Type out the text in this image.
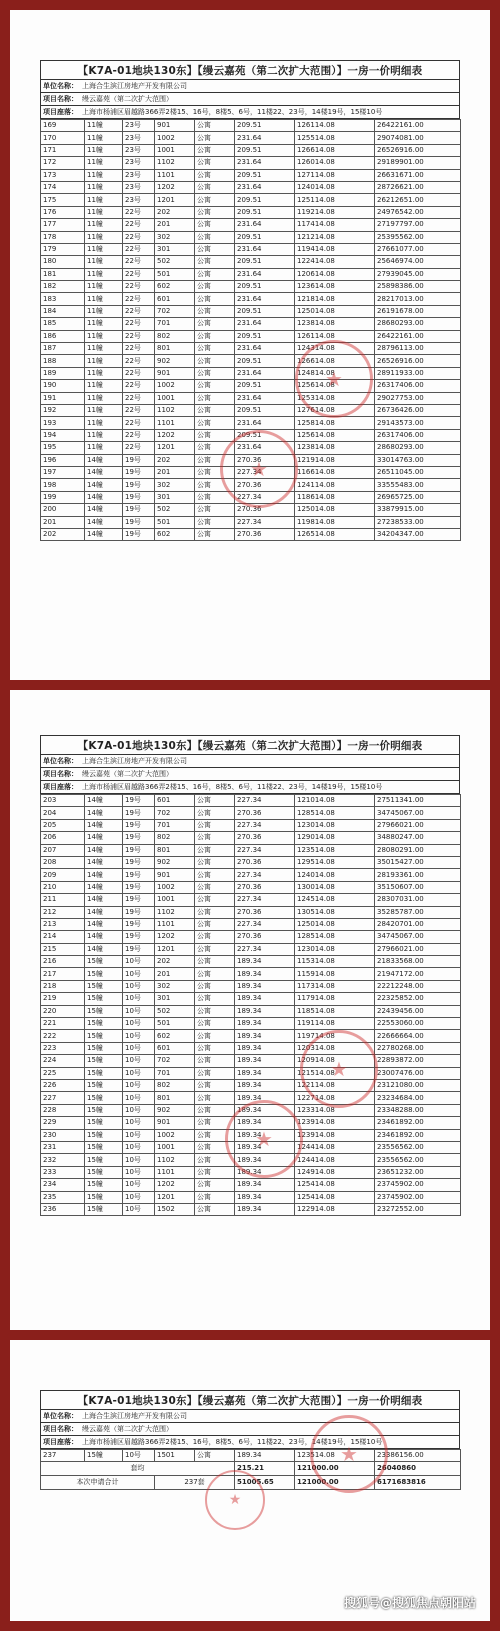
【K7A-01地块130东】【缦云嘉苑（第二次扩大范围）】一房一价明细表
单位名称： 上海合生滨江房地产开发有限公司
项目名称： 缦云嘉苑（第二次扩大范围）
项目座落： 上海市杨浦区眉越路366弄2楼15、16号，8楼5、6号，11楼22、23号，14楼19号，15楼10号
169	11幢	23号	901	公寓	209.51	126114.08	26422161.00
170	11幢	23号	1002	公寓	231.64	125514.08	29074081.00
171	11幢	23号	1001	公寓	209.51	126614.08	26526916.00
172	11幢	23号	1102	公寓	231.64	126014.08	29189901.00
173	11幢	23号	1101	公寓	209.51	127114.08	26631671.00
174	11幢	23号	1202	公寓	231.64	124014.08	28726621.00
175	11幢	23号	1201	公寓	209.51	125114.08	26212651.00
176	11幢	22号	202	公寓	209.51	119214.08	24976542.00
177	11幢	22号	201	公寓	231.64	117414.08	27197797.00
178	11幢	22号	302	公寓	209.51	121214.08	25395562.00
179	11幢	22号	301	公寓	231.64	119414.08	27661077.00
180	11幢	22号	502	公寓	209.51	122414.08	25646974.00
181	11幢	22号	501	公寓	231.64	120614.08	27939045.00
182	11幢	22号	602	公寓	209.51	123614.08	25898386.00
183	11幢	22号	601	公寓	231.64	121814.08	28217013.00
184	11幢	22号	702	公寓	209.51	125014.08	26191678.00
185	11幢	22号	701	公寓	231.64	123814.08	28680293.00
186	11幢	22号	802	公寓	209.51	126114.08	26422161.00
187	11幢	22号	801	公寓	231.64	124314.08	28796113.00
188	11幢	22号	902	公寓	209.51	126614.08	26526916.00
189	11幢	22号	901	公寓	231.64	124814.08	28911933.00
190	11幢	22号	1002	公寓	209.51	125614.08	26317406.00
191	11幢	22号	1001	公寓	231.64	125314.08	29027753.00
192	11幢	22号	1102	公寓	209.51	127614.08	26736426.00
193	11幢	22号	1101	公寓	231.64	125814.08	29143573.00
194	11幢	22号	1202	公寓	209.51	125614.08	26317406.00
195	11幢	22号	1201	公寓	231.64	123814.08	28680293.00
196	14幢	19号	202	公寓	270.36	121914.08	33014763.00
197	14幢	19号	201	公寓	227.34	116614.08	26511045.00
198	14幢	19号	302	公寓	270.36	124114.08	33555483.00
199	14幢	19号	301	公寓	227.34	118614.08	26965725.00
200	14幢	19号	502	公寓	270.36	125014.08	33879915.00
201	14幢	19号	501	公寓	227.34	119814.08	27238533.00
202	14幢	19号	602	公寓	270.36	126514.08	34204347.00
★
★
【K7A-01地块130东】【缦云嘉苑（第二次扩大范围）】一房一价明细表
单位名称： 上海合生滨江房地产开发有限公司
项目名称： 缦云嘉苑（第二次扩大范围）
项目座落： 上海市杨浦区眉越路366弄2楼15、16号，8楼5、6号，11楼22、23号，14楼19号，15楼10号
203	14幢	19号	601	公寓	227.34	121014.08	27511341.00
204	14幢	19号	702	公寓	270.36	128514.08	34745067.00
205	14幢	19号	701	公寓	227.34	123014.08	27966021.00
206	14幢	19号	802	公寓	270.36	129014.08	34880247.00
207	14幢	19号	801	公寓	227.34	123514.08	28080291.00
208	14幢	19号	902	公寓	270.36	129514.08	35015427.00
209	14幢	19号	901	公寓	227.34	124014.08	28193361.00
210	14幢	19号	1002	公寓	270.36	130014.08	35150607.00
211	14幢	19号	1001	公寓	227.34	124514.08	28307031.00
212	14幢	19号	1102	公寓	270.36	130514.08	35285787.00
213	14幢	19号	1101	公寓	227.34	125014.08	28420701.00
214	14幢	19号	1202	公寓	270.36	128514.08	34745067.00
215	14幢	19号	1201	公寓	227.34	123014.08	27966021.00
216	15幢	10号	202	公寓	189.34	115314.08	21833568.00
217	15幢	10号	201	公寓	189.34	115914.08	21947172.00
218	15幢	10号	302	公寓	189.34	117314.08	22212248.00
219	15幢	10号	301	公寓	189.34	117914.08	22325852.00
220	15幢	10号	502	公寓	189.34	118514.08	22439456.00
221	15幢	10号	501	公寓	189.34	119114.08	22553060.00
222	15幢	10号	602	公寓	189.34	119714.08	22666664.00
223	15幢	10号	601	公寓	189.34	120314.08	22780268.00
224	15幢	10号	702	公寓	189.34	120914.08	22893872.00
225	15幢	10号	701	公寓	189.34	121514.08	23007476.00
226	15幢	10号	802	公寓	189.34	122114.08	23121080.00
227	15幢	10号	801	公寓	189.34	122714.08	23234684.00
228	15幢	10号	902	公寓	189.34	123314.08	23348288.00
229	15幢	10号	901	公寓	189.34	123914.08	23461892.00
230	15幢	10号	1002	公寓	189.34	123914.08	23461892.00
231	15幢	10号	1001	公寓	189.34	124414.08	23556562.00
232	15幢	10号	1102	公寓	189.34	124414.08	23556562.00
233	15幢	10号	1101	公寓	189.34	124914.08	23651232.00
234	15幢	10号	1202	公寓	189.34	125414.08	23745902.00
235	15幢	10号	1201	公寓	189.34	125414.08	23745902.00
236	15幢	10号	1502	公寓	189.34	122914.08	23272552.00
★
★
【K7A-01地块130东】【缦云嘉苑（第二次扩大范围）】一房一价明细表
单位名称： 上海合生滨江房地产开发有限公司
项目名称： 缦云嘉苑（第二次扩大范围）
项目座落： 上海市杨浦区眉越路366弄2楼15、16号，8楼5、6号，11楼22、23号，14楼19号，15楼10号
237	15幢	10号	1501	公寓	189.34	123514.08	23386156.00
套均					215.21	121000.00	26040860
本次申请合计			237套		51005.65	121000.00	6171683816
★
★
搜狐号@搜狐焦点朝阳站
